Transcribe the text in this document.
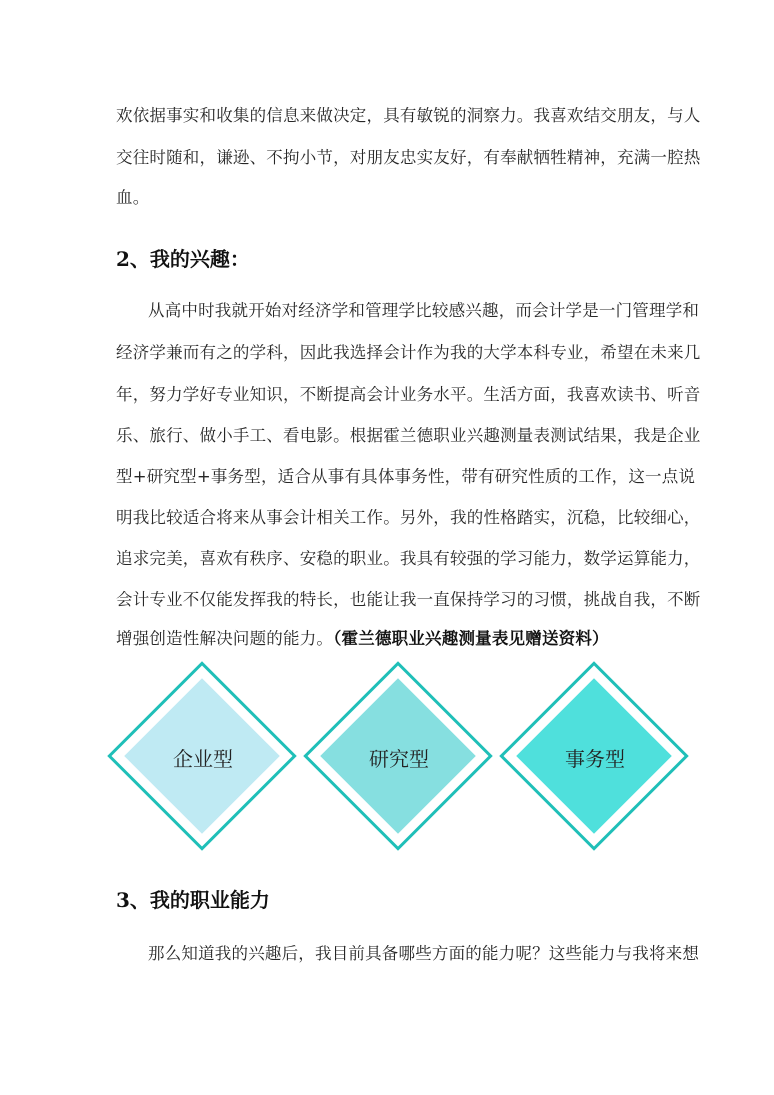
欢依据事实和收集的信息来做决定，具有敏锐的洞察力。我喜欢结交朋友，与人
交往时随和，谦逊、不拘小节，对朋友忠实友好，有奉献牺牲精神，充满一腔热
血。
2、我的兴趣：
从高中时我就开始对经济学和管理学比较感兴趣，而会计学是一门管理学和
经济学兼而有之的学科，因此我选择会计作为我的大学本科专业，希望在未来几
年，努力学好专业知识，不断提高会计业务水平。生活方面，我喜欢读书、听音
乐、旅行、做小手工、看电影。根据霍兰德职业兴趣测量表测试结果，我是企业
型+研究型+事务型，适合从事有具体事务性，带有研究性质的工作，这一点说
明我比较适合将来从事会计相关工作。另外，我的性格踏实，沉稳，比较细心，
追求完美，喜欢有秩序、安稳的职业。我具有较强的学习能力，数学运算能力，
会计专业不仅能发挥我的特长，也能让我一直保持学习的习惯，挑战自我，不断
增强创造性解决问题的能力。（霍兰德职业兴趣测量表见赠送资料）
企业型	研究型	事务型
3、我的职业能力
那么知道我的兴趣后，我目前具备哪些方面的能力呢？这些能力与我将来想
